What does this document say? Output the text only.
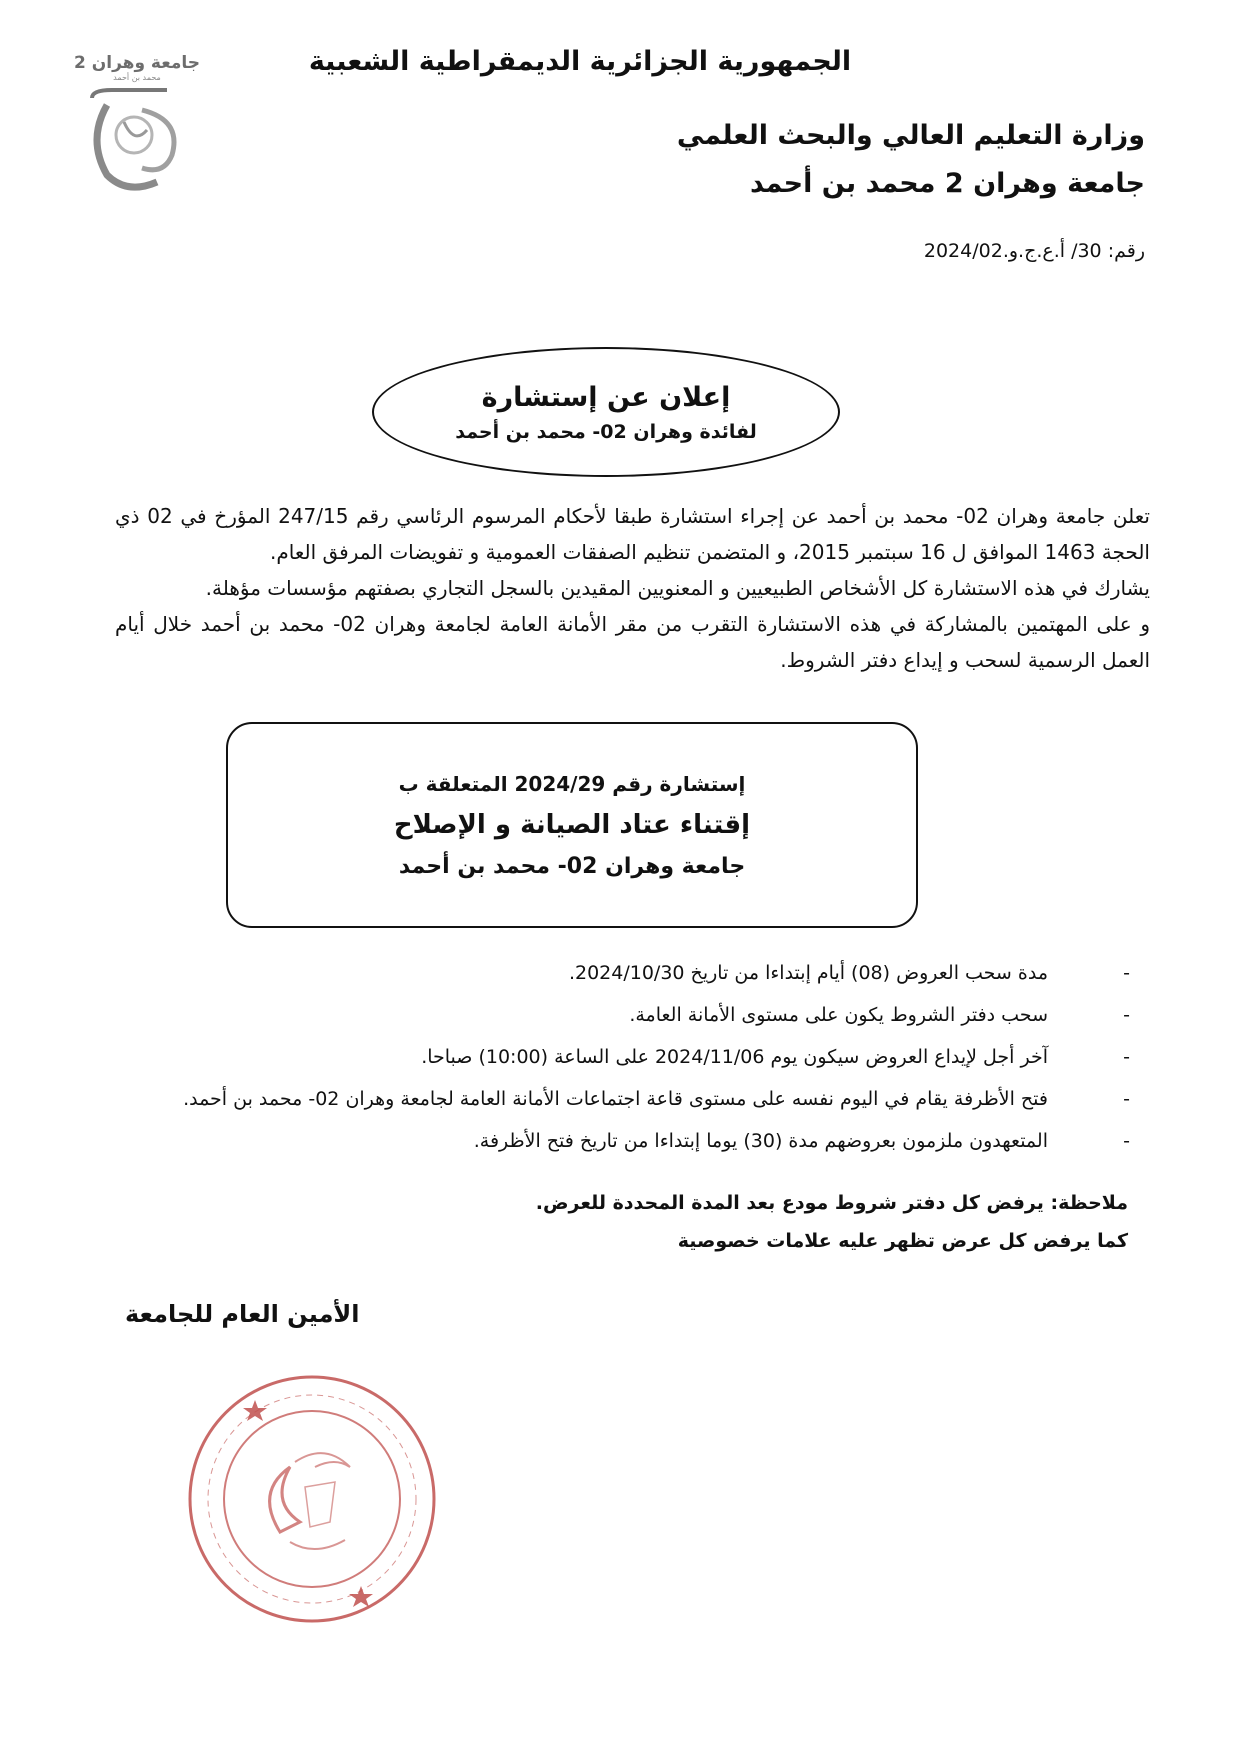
الجمهورية الجزائرية الديمقراطية الشعبية
جامعة وهران 2
محمد بن أحمد
وزارة التعليم العالي والبحث العلمي
جامعة وهران 2 محمد بن أحمد
رقم: 30/ أ.ع.ج.و.2024/02
إعلان عن إستشارة
لفائدة وهران 02- محمد بن أحمد

تعلن جامعة وهران 02- محمد بن أحمد عن إجراء استشارة طبقا لأحكام المرسوم الرئاسي رقم 247/15 المؤرخ في 02 ذي الحجة 1463 الموافق ل 16 سبتمبر 2015، و المتضمن تنظيم الصفقات العمومية و تفويضات المرفق العام.

يشارك في هذه الاستشارة كل الأشخاص الطبيعيين و المعنويين المقيدين بالسجل التجاري بصفتهم مؤسسات مؤهلة.

و على المهتمين بالمشاركة في هذه الاستشارة التقرب من مقر الأمانة العامة لجامعة وهران 02- محمد بن أحمد خلال أيام العمل الرسمية لسحب و إيداع دفتر الشروط.

إستشارة رقم 2024/29 المتعلقة ب
إقتناء عتاد الصيانة و الإصلاح
جامعة وهران 02- محمد بن أحمد
- مدة سحب العروض (08) أيام إبتداءا من تاريخ 2024/10/30.
- سحب دفتر الشروط يكون على مستوى الأمانة العامة.
- آخر أجل لإيداع العروض سيكون يوم 2024/11/06 على الساعة (10:00) صباحا.
- فتح الأظرفة يقام في اليوم نفسه على مستوى قاعة اجتماعات الأمانة العامة لجامعة وهران 02- محمد بن أحمد.
- المتعهدون ملزمون بعروضهم مدة (30) يوما إبتداءا من تاريخ فتح الأظرفة.
ملاحظة: يرفض كل دفتر شروط مودع بعد المدة المحددة للعرض.
كما يرفض كل عرض تظهر عليه علامات خصوصية
الأمين العام للجامعة
